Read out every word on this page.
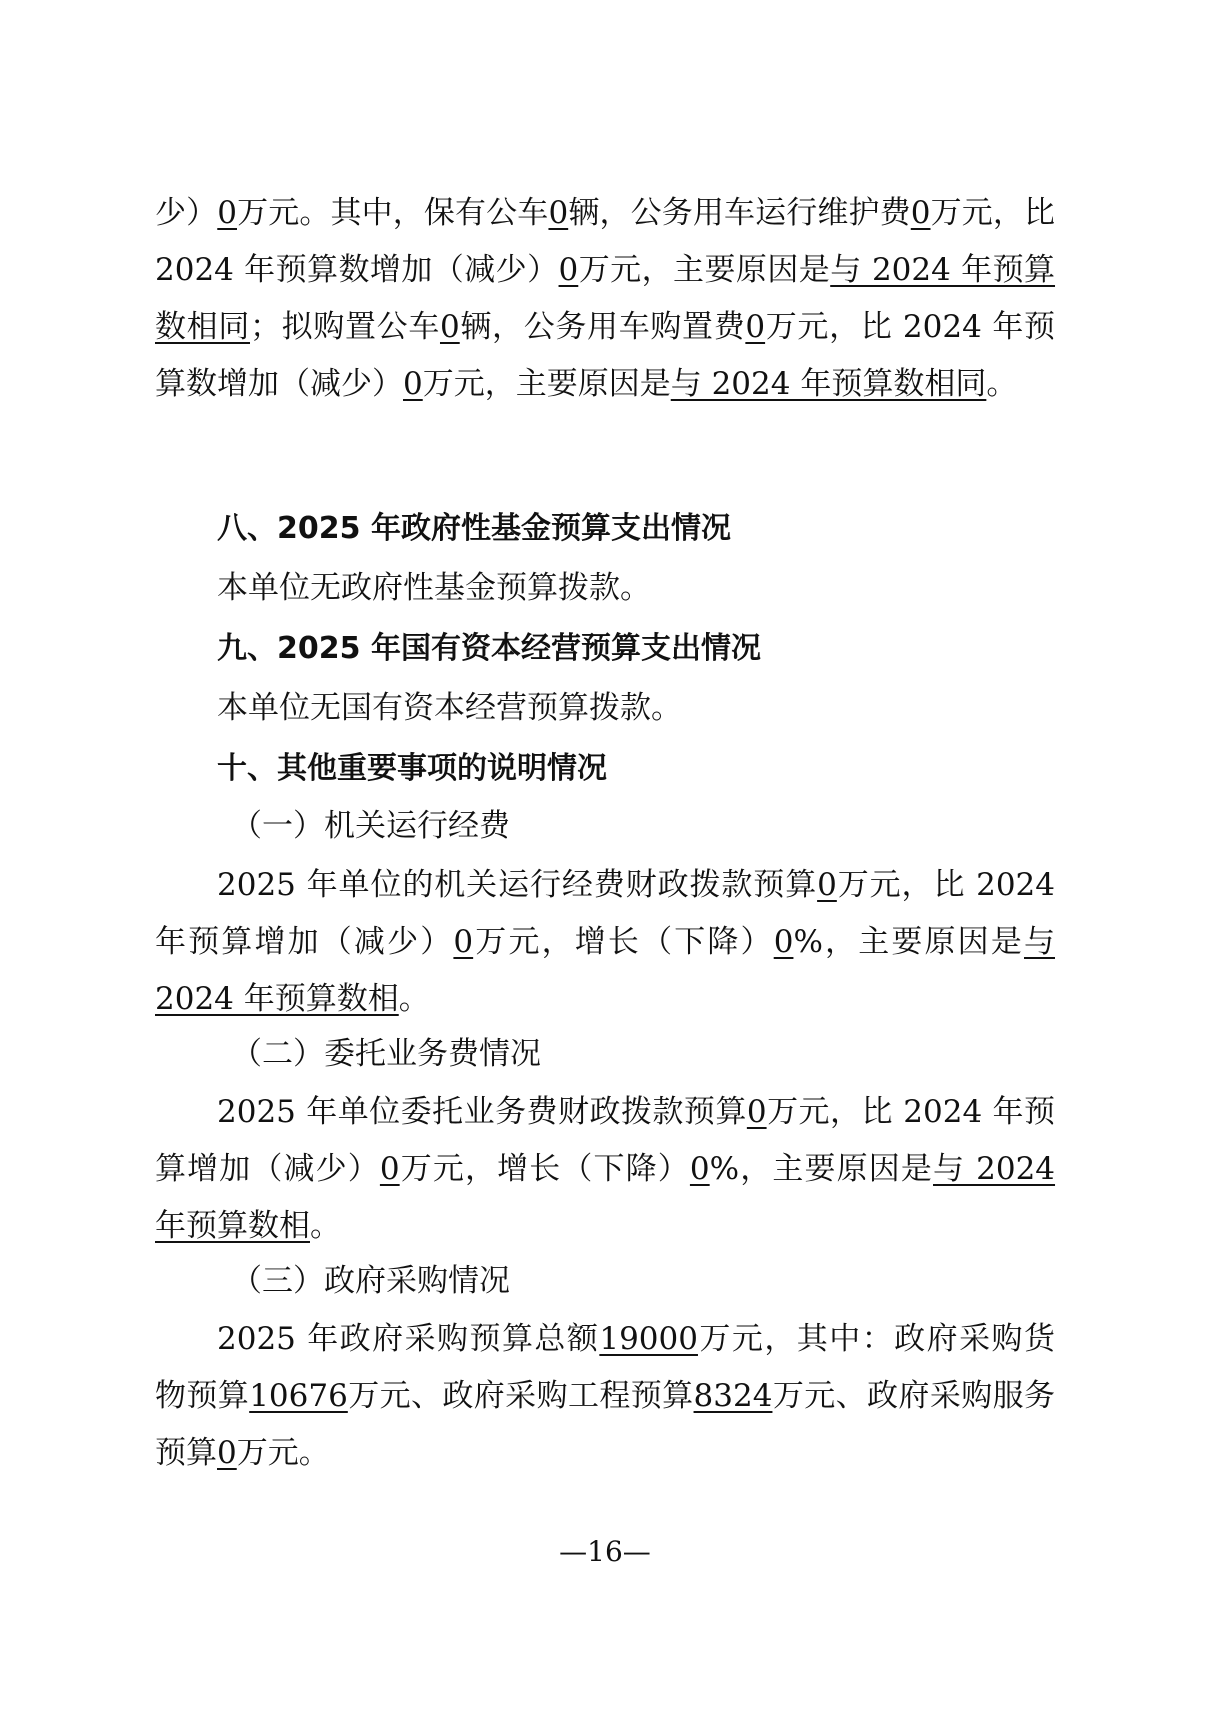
少）0万元。其中，保有公车0辆，公务用车运行维护费0万元，比 2024 年预算数增加（减少）0万元，主要原因是与 2024 年预算数相同；拟购置公车0辆，公务用车购置费0万元，比 2024 年预算数增加（减少）0万元，主要原因是与 2024 年预算数相同。

八、2025 年政府性基金预算支出情况

本单位无政府性基金预算拨款。

九、2025 年国有资本经营预算支出情况

本单位无国有资本经营预算拨款。

十、其他重要事项的说明情况

（一）机关运行经费

2025 年单位的机关运行经费财政拨款预算0万元，比 2024 年预算增加（减少）0万元，增长（下降）0%，主要原因是与 2024 年预算数相。

（二）委托业务费情况

2025 年单位委托业务费财政拨款预算0万元，比 2024 年预算增加（减少）0万元，增长（下降）0%，主要原因是与 2024 年预算数相。

（三）政府采购情况

2025 年政府采购预算总额19000万元，其中：政府采购货物预算10676万元、政府采购工程预算8324万元、政府采购服务预算0万元。

—16—
